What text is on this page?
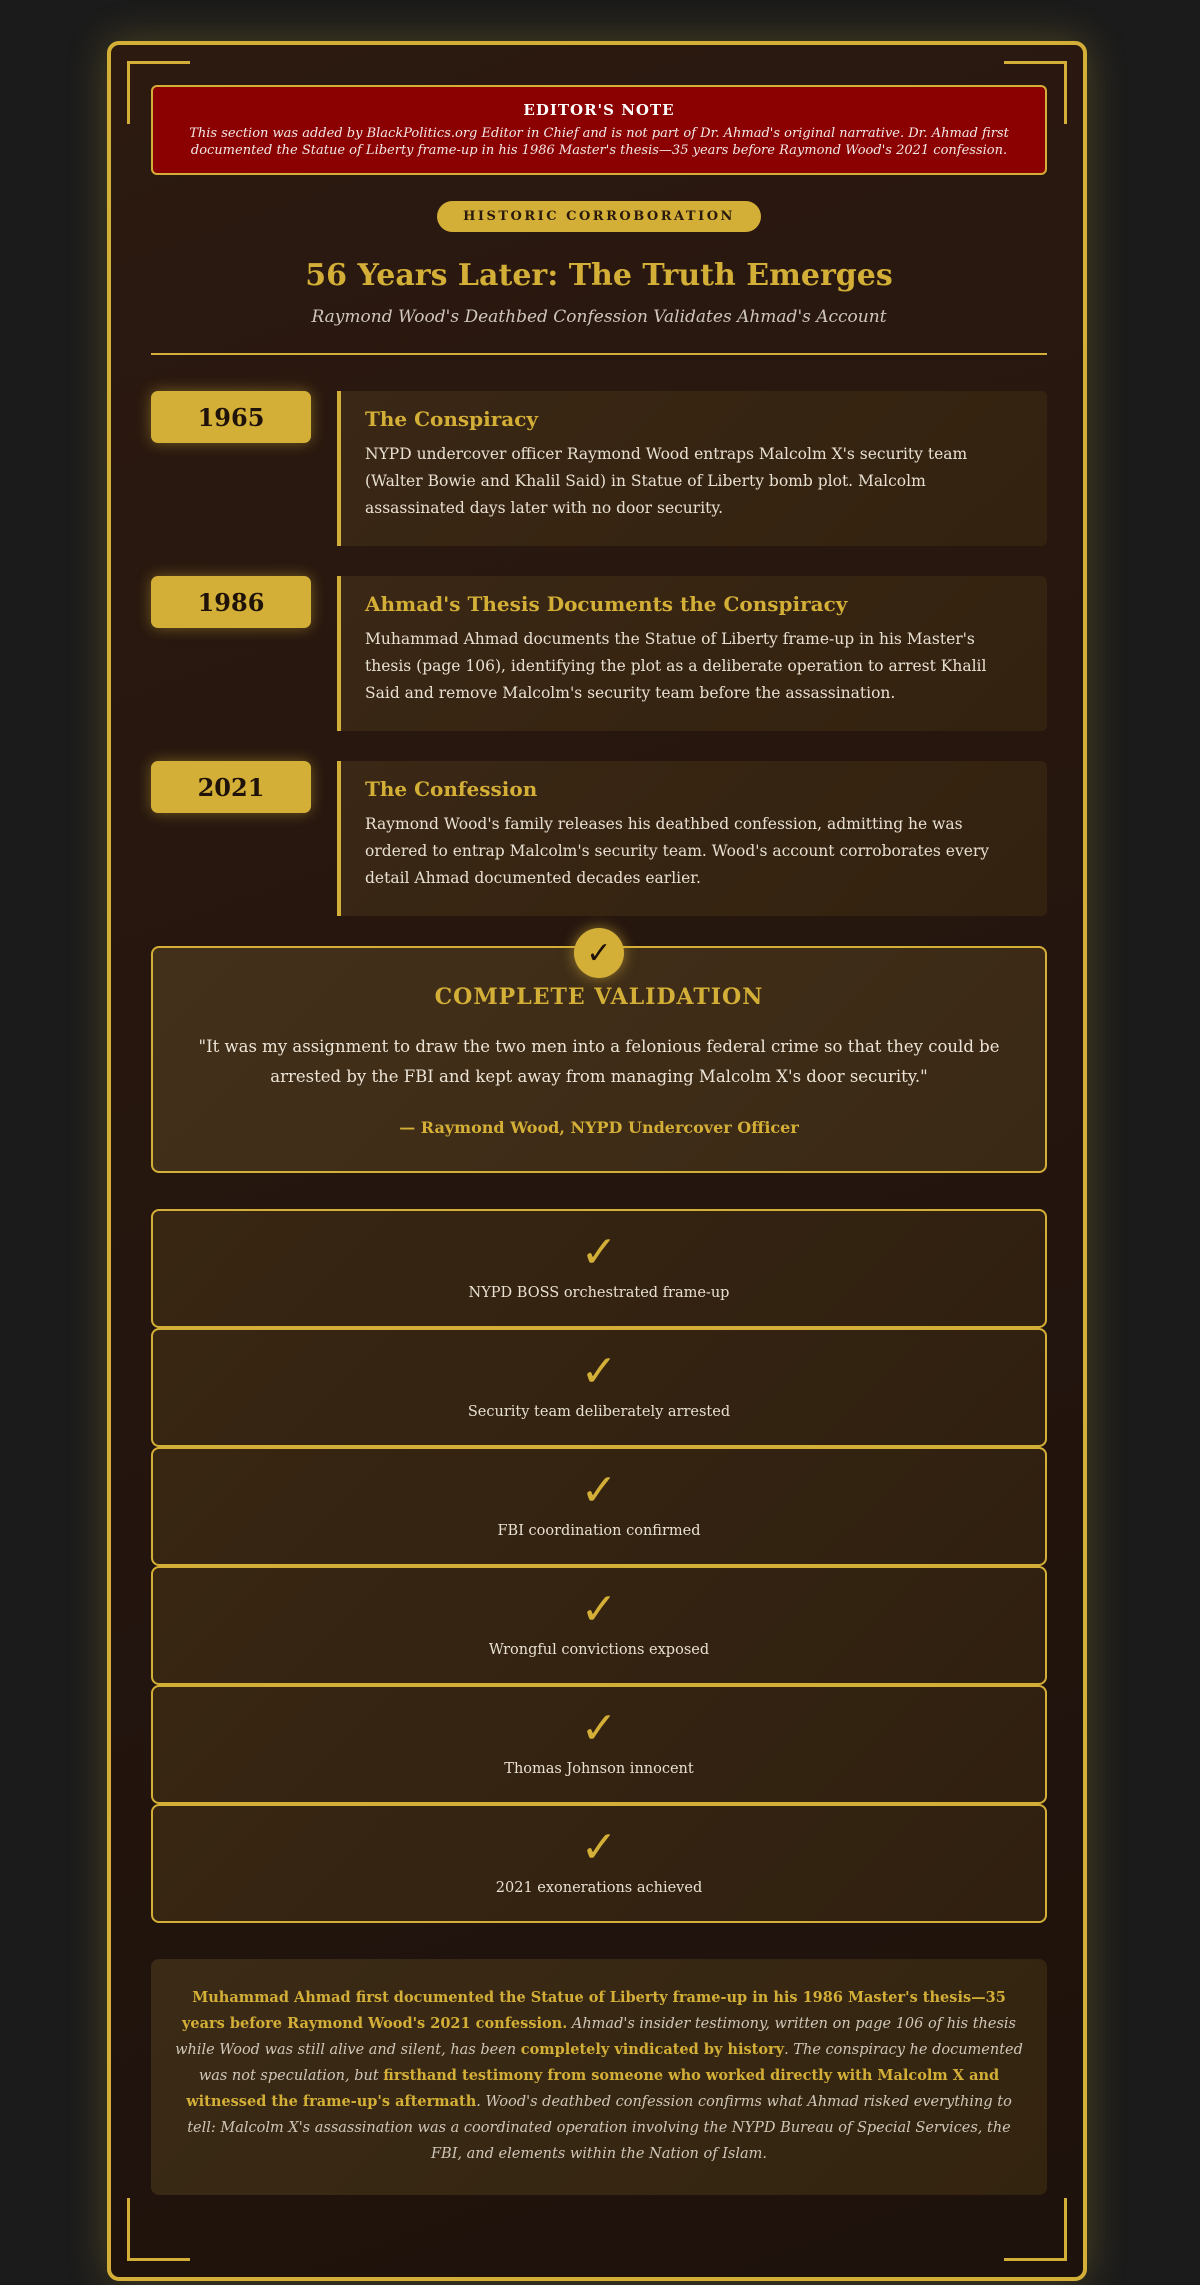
EDITOR'S NOTE
This section was added by BlackPolitics.org Editor in Chief and is not part of Dr. Ahmad's original narrative. Dr. Ahmad first documented the Statue of Liberty frame-up in his 1986 Master's thesis—35 years before Raymond Wood's 2021 confession.
HISTORIC CORROBORATION
56 Years Later: The Truth Emerges
Raymond Wood's Deathbed Confession Validates Ahmad's Account
1965	The Conspiracy
NYPD undercover officer Raymond Wood entraps Malcolm X's security team (Walter Bowie and Khalil Said) in Statue of Liberty bomb plot. Malcolm assassinated days later with no door security.
1986	Ahmad's Thesis Documents the Conspiracy
Muhammad Ahmad documents the Statue of Liberty frame-up in his Master's thesis (page 106), identifying the plot as a deliberate operation to arrest Khalil Said and remove Malcolm's security team before the assassination.
2021	The Confession
Raymond Wood's family releases his deathbed confession, admitting he was ordered to entrap Malcolm's security team. Wood's account corroborates every detail Ahmad documented decades earlier.
✓
COMPLETE VALIDATION
"It was my assignment to draw the two men into a felonious federal crime so that they could be arrested by the FBI and kept away from managing Malcolm X's door security."
— Raymond Wood, NYPD Undercover Officer
✓
NYPD BOSS orchestrated frame-up
✓
Security team deliberately arrested
✓
FBI coordination confirmed
✓
Wrongful convictions exposed
✓
Thomas Johnson innocent
✓
2021 exonerations achieved
Muhammad Ahmad first documented the Statue of Liberty frame-up in his 1986 Master's thesis—35 years before Raymond Wood's 2021 confession. Ahmad's insider testimony, written on page 106 of his thesis while Wood was still alive and silent, has been completely vindicated by history. The conspiracy he documented was not speculation, but firsthand testimony from someone who worked directly with Malcolm X and witnessed the frame-up's aftermath. Wood's deathbed confession confirms what Ahmad risked everything to tell: Malcolm X's assassination was a coordinated operation involving the NYPD Bureau of Special Services, the FBI, and elements within the Nation of Islam.
